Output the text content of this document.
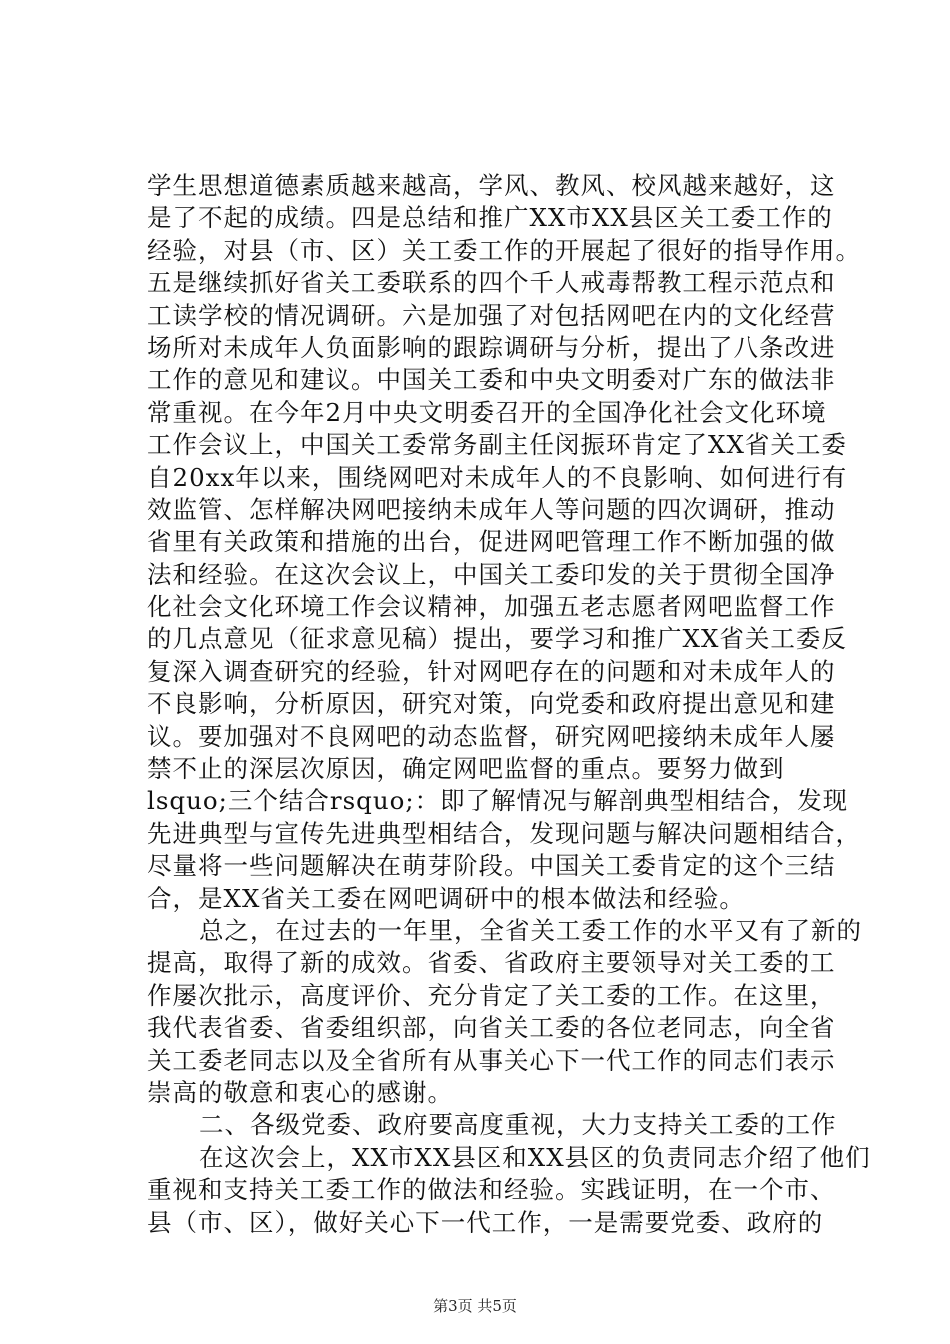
学生思想道德素质越来越高，学风、教风、校风越来越好，这
是了不起的成绩。四是总结和推广XX市XX县区关工委工作的
经验，对县（市、区）关工委工作的开展起了很好的指导作用。
五是继续抓好省关工委联系的四个千人戒毒帮教工程示范点和
工读学校的情况调研。六是加强了对包括网吧在内的文化经营
场所对未成年人负面影响的跟踪调研与分析，提出了八条改进
工作的意见和建议。中国关工委和中央文明委对广东的做法非
常重视。在今年2月中央文明委召开的全国净化社会文化环境
工作会议上，中国关工委常务副主任闵振环肯定了XX省关工委
自20xx年以来，围绕网吧对未成年人的不良影响、如何进行有
效监管、怎样解决网吧接纳未成年人等问题的四次调研，推动
省里有关政策和措施的出台，促进网吧管理工作不断加强的做
法和经验。在这次会议上，中国关工委印发的关于贯彻全国净
化社会文化环境工作会议精神，加强五老志愿者网吧监督工作
的几点意见（征求意见稿）提出，要学习和推广XX省关工委反
复深入调查研究的经验，针对网吧存在的问题和对未成年人的
不良影响，分析原因，研究对策，向党委和政府提出意见和建
议。要加强对不良网吧的动态监督，研究网吧接纳未成年人屡
禁不止的深层次原因，确定网吧监督的重点。要努力做到
lsquo;三个结合rsquo;：即了解情况与解剖典型相结合，发现
先进典型与宣传先进典型相结合，发现问题与解决问题相结合，
尽量将一些问题解决在萌芽阶段。中国关工委肯定的这个三结
合，是XX省关工委在网吧调研中的根本做法和经验。
总之，在过去的一年里，全省关工委工作的水平又有了新的
提高，取得了新的成效。省委、省政府主要领导对关工委的工
作屡次批示，高度评价、充分肯定了关工委的工作。在这里，
我代表省委、省委组织部，向省关工委的各位老同志，向全省
关工委老同志以及全省所有从事关心下一代工作的同志们表示
崇高的敬意和衷心的感谢。
二、各级党委、政府要高度重视，大力支持关工委的工作
在这次会上，XX市XX县区和XX县区的负责同志介绍了他们
重视和支持关工委工作的做法和经验。实践证明，在一个市、
县（市、区），做好关心下一代工作，一是需要党委、政府的
第3页 共5页
